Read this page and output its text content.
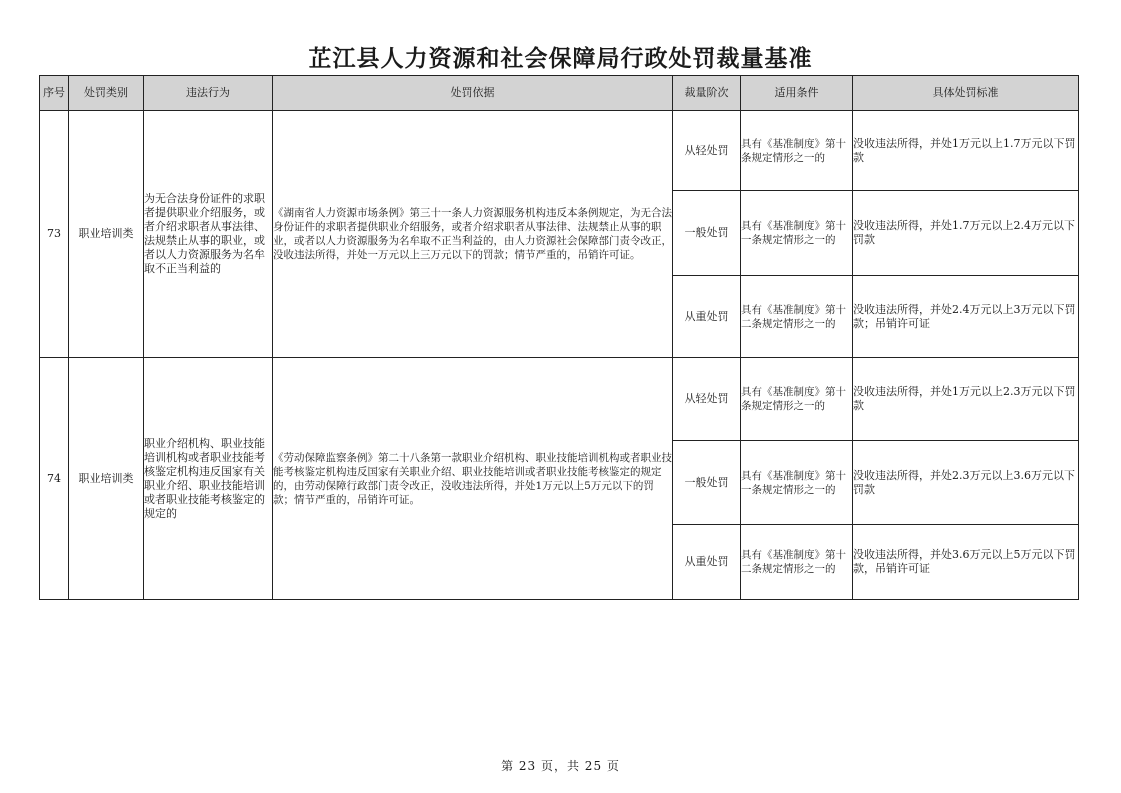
芷江县人力资源和社会保障局行政处罚裁量基准
序号	处罚类别	违法行为	处罚依据	裁量阶次	适用条件	具体处罚标准
73	职业培训类	为无合法身份证件的求职者提供职业介绍服务，或者介绍求职者从事法律、法规禁止从事的职业，或者以人力资源服务为名牟取不正当利益的	《湖南省人力资源市场条例》第三十一条人力资源服务机构违反本条例规定，为无合法身份证件的求职者提供职业介绍服务，或者介绍求职者从事法律、法规禁止从事的职业，或者以人力资源服务为名牟取不正当利益的，由人力资源社会保障部门责令改正，没收违法所得，并处一万元以上三万元以下的罚款；情节严重的，吊销许可证。	从轻处罚	具有《基准制度》第十条规定情形之一的	没收违法所得，并处1万元以上1.7万元以下罚款
				一般处罚	具有《基准制度》第十一条规定情形之一的	没收违法所得，并处1.7万元以上2.4万元以下罚款
				从重处罚	具有《基准制度》第十二条规定情形之一的	没收违法所得，并处2.4万元以上3万元以下罚款；吊销许可证
74	职业培训类	职业介绍机构、职业技能培训机构或者职业技能考核鉴定机构违反国家有关职业介绍、职业技能培训或者职业技能考核鉴定的规定的	《劳动保障监察条例》第二十八条第一款职业介绍机构、职业技能培训机构或者职业技能考核鉴定机构违反国家有关职业介绍、职业技能培训或者职业技能考核鉴定的规定的，由劳动保障行政部门责令改正，没收违法所得，并处1万元以上5万元以下的罚款；情节严重的，吊销许可证。	从轻处罚	具有《基准制度》第十条规定情形之一的	没收违法所得，并处1万元以上2.3万元以下罚款
				一般处罚	具有《基准制度》第十一条规定情形之一的	没收违法所得，并处2.3万元以上3.6万元以下罚款
				从重处罚	具有《基准制度》第十二条规定情形之一的	没收违法所得，并处3.6万元以上5万元以下罚款，吊销许可证
第 23 页，共 25 页
